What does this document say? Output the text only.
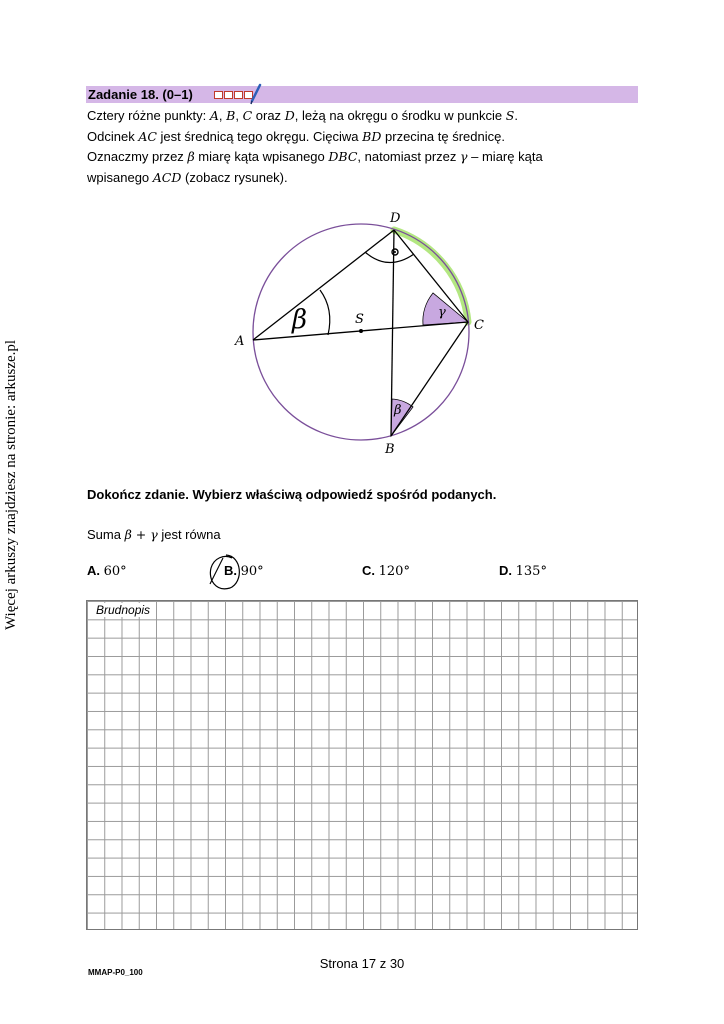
Więcej arkuszy znajdziesz na stronie: arkusze.pl
Zadanie 18. (0–1)
Cztery różne punkty: A, B, C oraz D, leżą na okręgu o środku w punkcie S.
Odcinek AC jest średnicą tego okręgu. Cięciwa BD przecina tę średnicę.
Oznaczmy przez β miarę kąta wpisanego DBC, natomiast przez γ – miarę kąta
wpisanego ACD (zobacz rysunek).
β
A
B
C
D
S	γ
β
Dokończ zdanie. Wybierz właściwą odpowiedź spośród podanych.
Suma β + γ jest równa
A. 60°	B. 90°	C. 120°	D. 135°
Brudnopis
Strona 17 z 30
MMAP-P0_100
